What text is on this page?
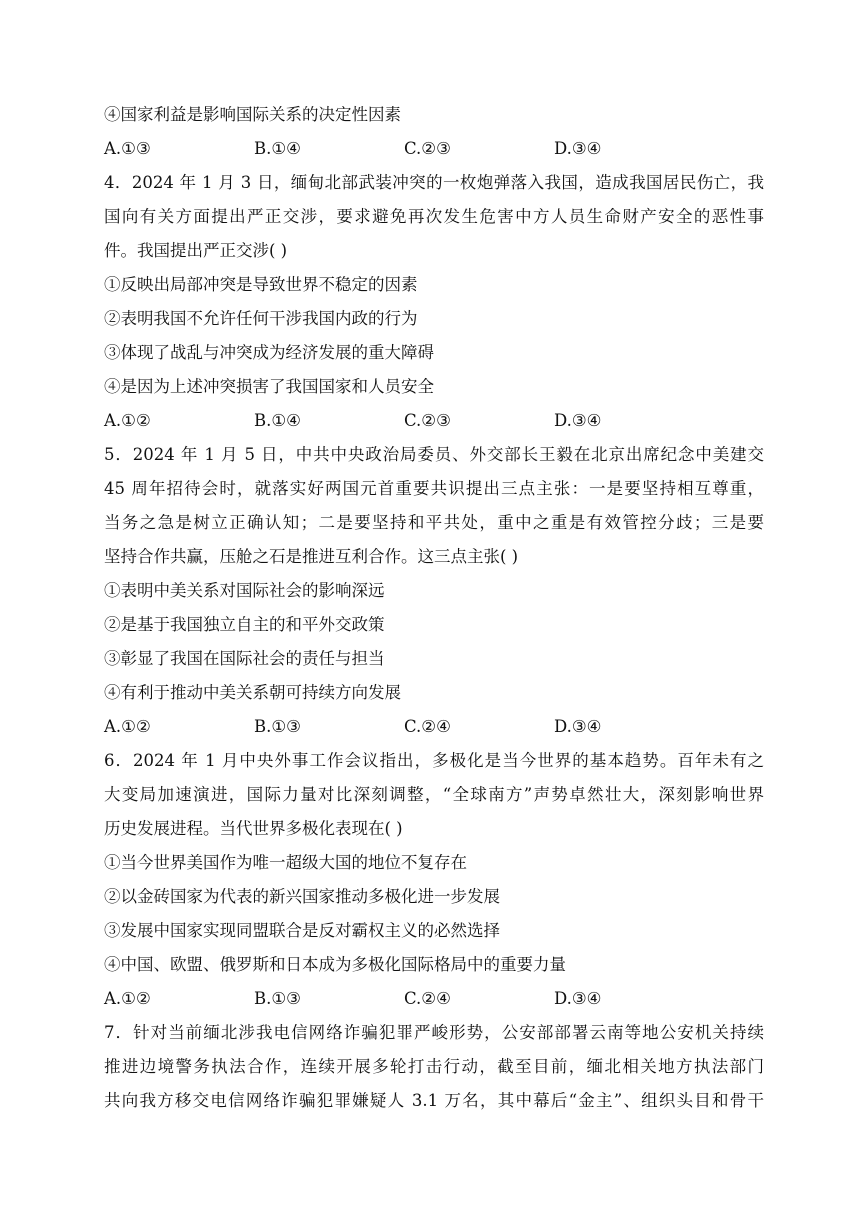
④国家利益是影响国际关系的决定性因素
A.①③	B.①④	C.②③	D.③④
4．2024 年 1 月 3 日，缅甸北部武装冲突的一枚炮弹落入我国，造成我国居民伤亡，我
国向有关方面提出严正交涉，要求避免再次发生危害中方人员生命财产安全的恶性事
件。我国提出严正交涉( )
①反映出局部冲突是导致世界不稳定的因素
②表明我国不允许任何干涉我国内政的行为
③体现了战乱与冲突成为经济发展的重大障碍
④是因为上述冲突损害了我国国家和人员安全
A.①②	B.①④	C.②③	D.③④
5．2024 年 1 月 5 日，中共中央政治局委员、外交部长王毅在北京出席纪念中美建交
45 周年招待会时，就落实好两国元首重要共识提出三点主张：一是要坚持相互尊重，
当务之急是树立正确认知；二是要坚持和平共处，重中之重是有效管控分歧；三是要
坚持合作共赢，压舱之石是推进互利合作。这三点主张( )
①表明中美关系对国际社会的影响深远
②是基于我国独立自主的和平外交政策
③彰显了我国在国际社会的责任与担当
④有利于推动中美关系朝可持续方向发展
A.①②	B.①③	C.②④	D.③④
6．2024 年 1 月中央外事工作会议指出，多极化是当今世界的基本趋势。百年未有之
大变局加速演进，国际力量对比深刻调整，“全球南方”声势卓然壮大，深刻影响世界
历史发展进程。当代世界多极化表现在( )
①当今世界美国作为唯一超级大国的地位不复存在
②以金砖国家为代表的新兴国家推动多极化进一步发展
③发展中国家实现同盟联合是反对霸权主义的必然选择
④中国、欧盟、俄罗斯和日本成为多极化国际格局中的重要力量
A.①②	B.①③	C.②④	D.③④
7．针对当前缅北涉我电信网络诈骗犯罪严峻形势，公安部部署云南等地公安机关持续
推进边境警务执法合作，连续开展多轮打击行动，截至目前，缅北相关地方执法部门
共向我方移交电信网络诈骗犯罪嫌疑人 3.1 万名，其中幕后“金主”、组织头目和骨干
